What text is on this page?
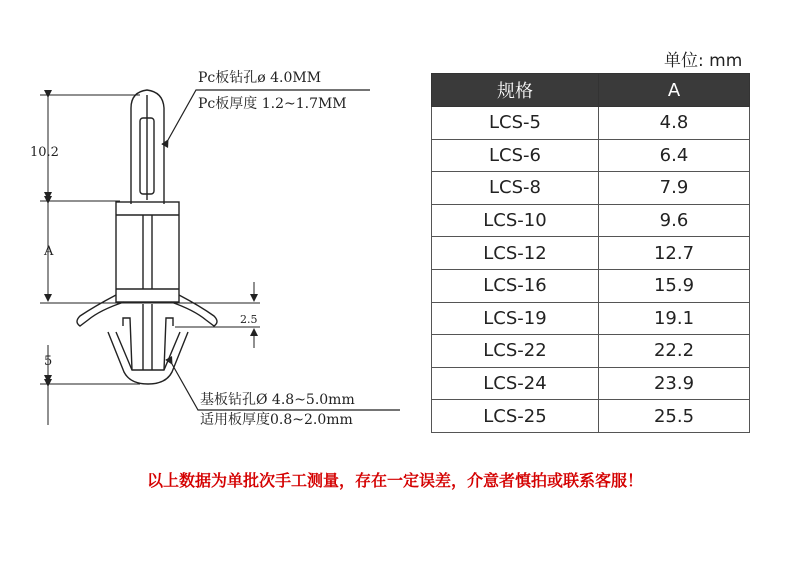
10.2
A
2.5
5
Pc板钻孔ø 4.0MM
Pc板厚度 1.2~1.7MM
基板钻孔Ø 4.8~5.0mm
适用板厚度0.8~2.0mm
单位: mm
规格	A
LCS-5	4.8
LCS-6	6.4
LCS-8	7.9
LCS-10	9.6
LCS-12	12.7
LCS-16	15.9
LCS-19	19.1
LCS-22	22.2
LCS-24	23.9
LCS-25	25.5
以上数据为单批次手工测量，存在一定误差，介意者慎拍或联系客服！
